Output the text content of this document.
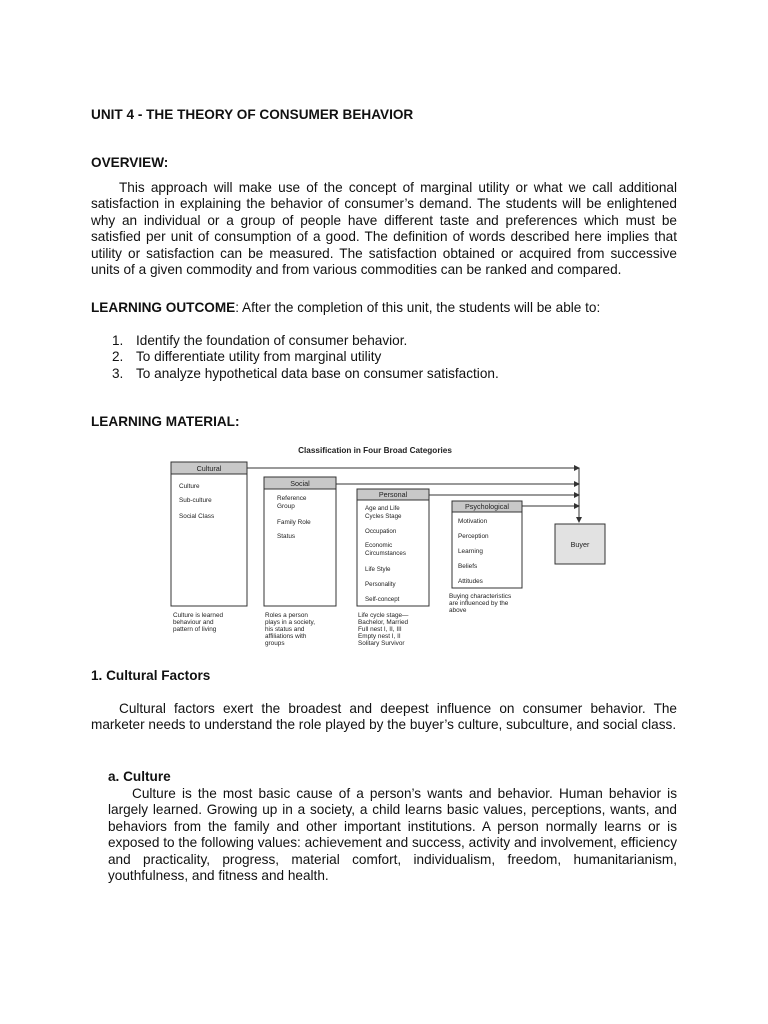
UNIT 4 - THE THEORY OF CONSUMER BEHAVIOR
OVERVIEW:
This approach will make use of the concept of marginal utility or what we call additional satisfaction in explaining the behavior of consumer’s demand. The students will be enlightened why an individual or a group of people have different taste and preferences which must be satisfied per unit of consumption of a good. The definition of words described here implies that utility or satisfaction can be measured. The satisfaction obtained or acquired from successive units of a given commodity and from various commodities can be ranked and compared.
LEARNING OUTCOME: After the completion of this unit, the students will be able to:
1. Identify the foundation of consumer behavior.
2. To differentiate utility from marginal utility
3. To analyze hypothetical data base on consumer satisfaction.
LEARNING MATERIAL:
Classification in Four Broad Categories
Cultural
Culture
Sub-culture
Social Class
Social
Reference
Group
Family Role
Status
Personal
Age and Life
Cycles Stage
Occupation
Economic
Circumstances
Life Style
Personality
Self-concept
Psychological
Motivation
Perception
Learning
Beliefs
Attitudes
Buyer
Culture is learned
behaviour and
pattern of living
Roles a person
plays in a society,
his status and
affiliations with
groups
Life cycle stage—
Bachelor, Married
Full nest I, II, III
Empty nest I, II
Solitary Survivor
Buying characteristics
are influenced by the
above
1. Cultural Factors
Cultural factors exert the broadest and deepest influence on consumer behavior. The marketer needs to understand the role played by the buyer’s culture, subculture, and social class.
a. Culture
Culture is the most basic cause of a person’s wants and behavior. Human behavior is largely learned. Growing up in a society, a child learns basic values, perceptions, wants, and behaviors from the family and other important institutions. A person normally learns or is exposed to the following values: achievement and success, activity and involvement, efficiency and practicality, progress, material comfort, individualism, freedom, humanitarianism, youthfulness, and fitness and health.
